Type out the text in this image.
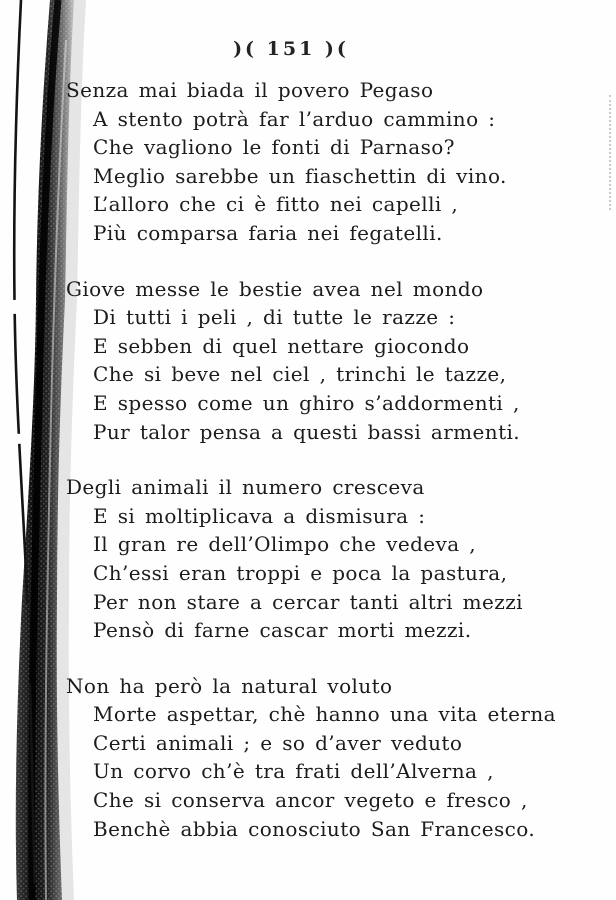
)( 151 )(

Senza mai biada il povero Pegaso

A stento potrà far l’arduo cammino :

Che vagliono le fonti di Parnaso?

Meglio sarebbe un fiaschettin di vino.

L’alloro che ci è fitto nei capelli ,

Più comparsa faria nei fegatelli.

Giove messe le bestie avea nel mondo

Di tutti i peli , di tutte le razze :

E sebben di quel nettare giocondo

Che si beve nel ciel , trinchi le tazze,

E spesso come un ghiro s’addormenti ,

Pur talor pensa a questi bassi armenti.

Degli animali il numero cresceva

E si moltiplicava a dismisura :

Il gran re dell’Olimpo che vedeva ,

Ch’essi eran troppi e poca la pastura,

Per non stare a cercar tanti altri mezzi

Pensò di farne cascar morti mezzi.

Non ha però la natural voluto

Morte aspettar, chè hanno una vita eterna

Certi animali ; e so d’aver veduto

Un corvo ch’è tra frati dell’Alverna ,

Che si conserva ancor vegeto e fresco ,

Benchè abbia conosciuto San Francesco.
